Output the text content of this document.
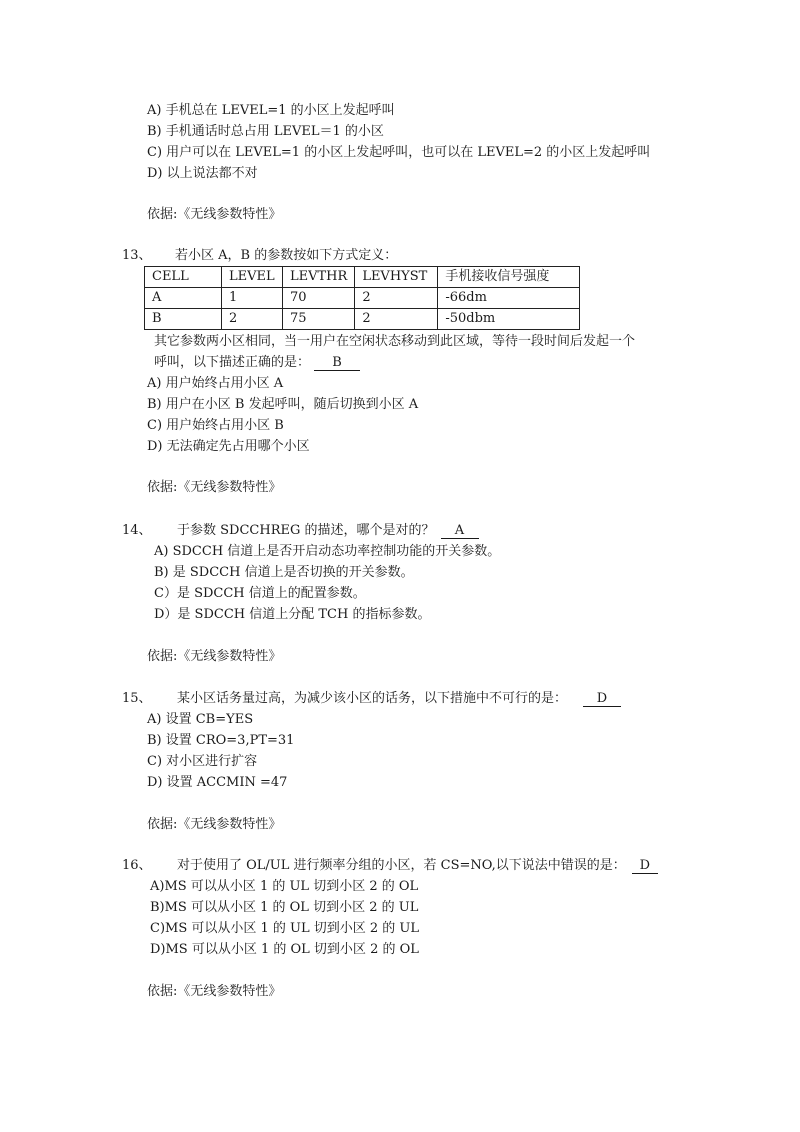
A) 手机总在 LEVEL=1 的小区上发起呼叫
B) 手机通话时总占用 LEVEL＝1 的小区
C) 用户可以在 LEVEL=1 的小区上发起呼叫，也可以在 LEVEL=2 的小区上发起呼叫
D) 以上说法都不对
依据:《无线参数特性》
13、 若小区 A，B 的参数按如下方式定义：
CELL	LEVEL	LEVTHR	LEVHYST	手机接收信号强度
A	1	70	2	-66dm
B	2	75	2	-50dbm
其它参数两小区相同，当一用户在空闲状态移动到此区域，等待一段时间后发起一个
呼叫，以下描述正确的是： B
A) 用户始终占用小区 A
B) 用户在小区 B 发起呼叫，随后切换到小区 A
C) 用户始终占用小区 B
D) 无法确定先占用哪个小区
依据:《无线参数特性》
14、 于参数 SDCCHREG 的描述，哪个是对的？ A
A) SDCCH 信道上是否开启动态功率控制功能的开关参数。
B) 是 SDCCH 信道上是否切换的开关参数。
C）是 SDCCH 信道上的配置参数。
D）是 SDCCH 信道上分配 TCH 的指标参数。
依据:《无线参数特性》
15、 某小区话务量过高，为减少该小区的话务，以下措施中不可行的是： D
A) 设置 CB=YES
B) 设置 CRO=3,PT=31
C) 对小区进行扩容
D) 设置 ACCMIN =47
依据:《无线参数特性》
16、 对于使用了 OL/UL 进行频率分组的小区，若 CS=NO,以下说法中错误的是： D
A)MS 可以从小区 1 的 UL 切到小区 2 的 OL
B)MS 可以从小区 1 的 OL 切到小区 2 的 UL
C)MS 可以从小区 1 的 UL 切到小区 2 的 UL
D)MS 可以从小区 1 的 OL 切到小区 2 的 OL
依据:《无线参数特性》
